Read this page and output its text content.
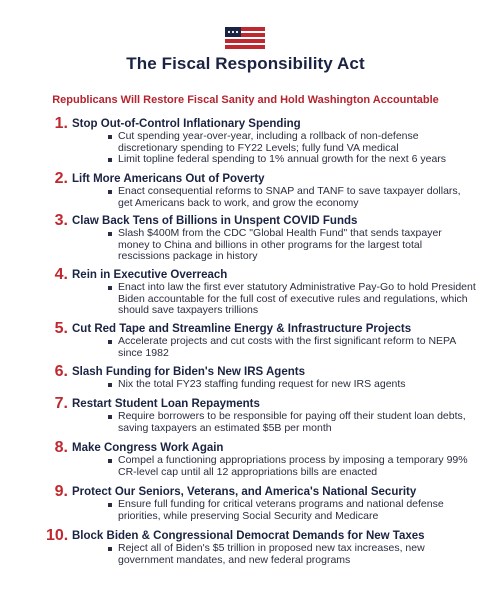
The Fiscal Responsibility Act
Republicans Will Restore Fiscal Sanity and Hold Washington Accountable
1. Stop Out-of-Control Inflationary Spending
Cut spending year-over-year, including a rollback of non-defense discretionary spending to FY22 Levels; fully fund VA medical
Limit topline federal spending to 1% annual growth for the next 6 years
2. Lift More Americans Out of Poverty
Enact consequential reforms to SNAP and TANF to save taxpayer dollars, get Americans back to work, and grow the economy
3. Claw Back Tens of Billions in Unspent COVID Funds
Slash $400M from the CDC "Global Health Fund" that sends taxpayer money to China and billions in other programs for the largest total rescissions package in history
4. Rein in Executive Overreach
Enact into law the first ever statutory Administrative Pay-Go to hold President Biden accountable for the full cost of executive rules and regulations, which should save taxpayers trillions
5. Cut Red Tape and Streamline Energy & Infrastructure Projects
Accelerate projects and cut costs with the first significant reform to NEPA since 1982
6. Slash Funding for Biden's New IRS Agents
Nix the total FY23 staffing funding request for new IRS agents
7. Restart Student Loan Repayments
Require borrowers to be responsible for paying off their student loan debts, saving taxpayers an estimated $5B per month
8. Make Congress Work Again
Compel a functioning appropriations process by imposing a temporary 99% CR-level cap until all 12 appropriations bills are enacted
9. Protect Our Seniors, Veterans, and America's National Security
Ensure full funding for critical veterans programs and national defense priorities, while preserving Social Security and Medicare
10. Block Biden & Congressional Democrat Demands for New Taxes
Reject all of Biden's $5 trillion in proposed new tax increases, new government mandates, and new federal programs
